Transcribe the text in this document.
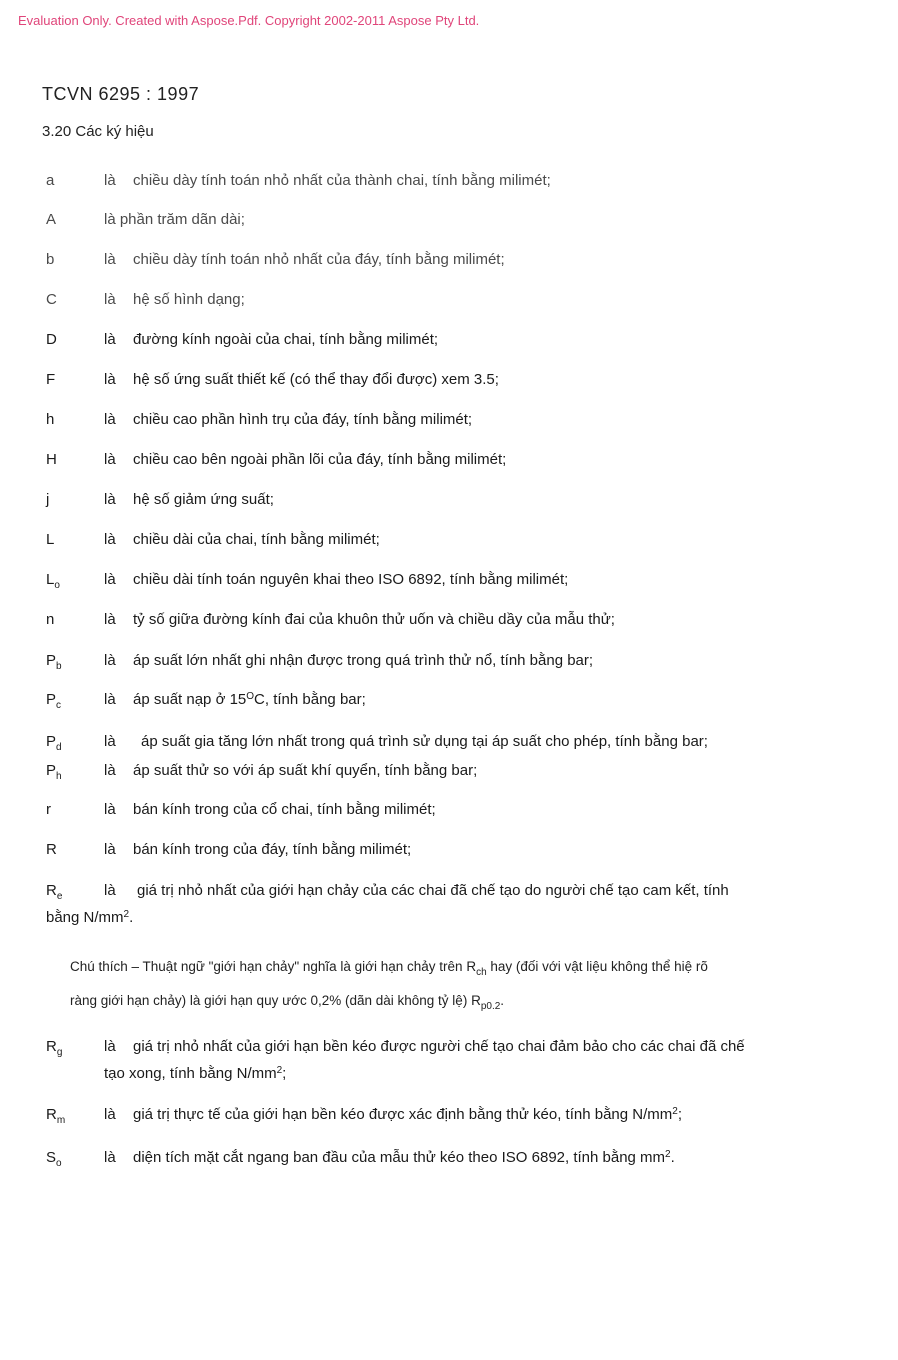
Evaluation Only. Created with Aspose.Pdf. Copyright 2002-2011 Aspose Pty Ltd.
TCVN 6295 : 1997
3.20 Các ký hiệu
a	là chiều dày tính toán nhỏ nhất của thành chai, tính bằng milimét;
A	là phần trăm dãn dài;
b	là chiều dày tính toán nhỏ nhất của đáy, tính bằng milimét;
C	là hệ số hình dạng;
D	là đường kính ngoài của chai, tính bằng milimét;
F	là hệ số ứng suất thiết kế (có thể thay đổi được) xem 3.5;
h	là chiều cao phần hình trụ của đáy, tính bằng milimét;
H	là chiều cao bên ngoài phần lõi của đáy, tính bằng milimét;
j	là hệ số giảm ứng suất;
L	là chiều dài của chai, tính bằng milimét;
$L_o$	là chiều dài tính toán nguyên khai theo ISO 6892, tính bằng milimét;
n	là tỷ số giữa đường kính đai của khuôn thử uốn và chiều dầy của mẫu thử;
$P_b$	là áp suất lớn nhất ghi nhận được trong quá trình thử nổ, tính bằng bar;
$P_c$	là áp suất nạp ở $15^OC$, tính bằng bar;
$P_d$	là áp suất gia tăng lớn nhất trong quá trình sử dụng tại áp suất cho phép, tính bằng bar;
$P_h$	là áp suất thử so với áp suất khí quyển, tính bằng bar;
r	là bán kính trong của cổ chai, tính bằng milimét;
R	là bán kính trong của đáy, tính bằng milimét;
$R_e$	là giá trị nhỏ nhất của giới hạn chảy của các chai đã chế tạo do người chế tạo cam kết, tính
bằng $N/mm^2$.
Chú thích – Thuật ngữ "giới hạn chảy" nghĩa là giới hạn chảy trên $R_{ch}$ hay (đối với vật liệu không thể hiệ rõ
ràng giới hạn chảy) là giới hạn quy ước 0,2% (dãn dài không tỷ lệ) $R_{p0.2}$.
$R_g$	là giá trị nhỏ nhất của giới hạn bền kéo được người chế tạo chai đảm bảo cho các chai đã chế
tạo xong, tính bằng $N/mm^2$;
$R_m$	là giá trị thực tế của giới hạn bền kéo được xác định bằng thử kéo, tính bằng $N/mm^2$;
$S_o$	là diện tích mặt cắt ngang ban đầu của mẫu thử kéo theo ISO 6892, tính bằng $mm^2$.
